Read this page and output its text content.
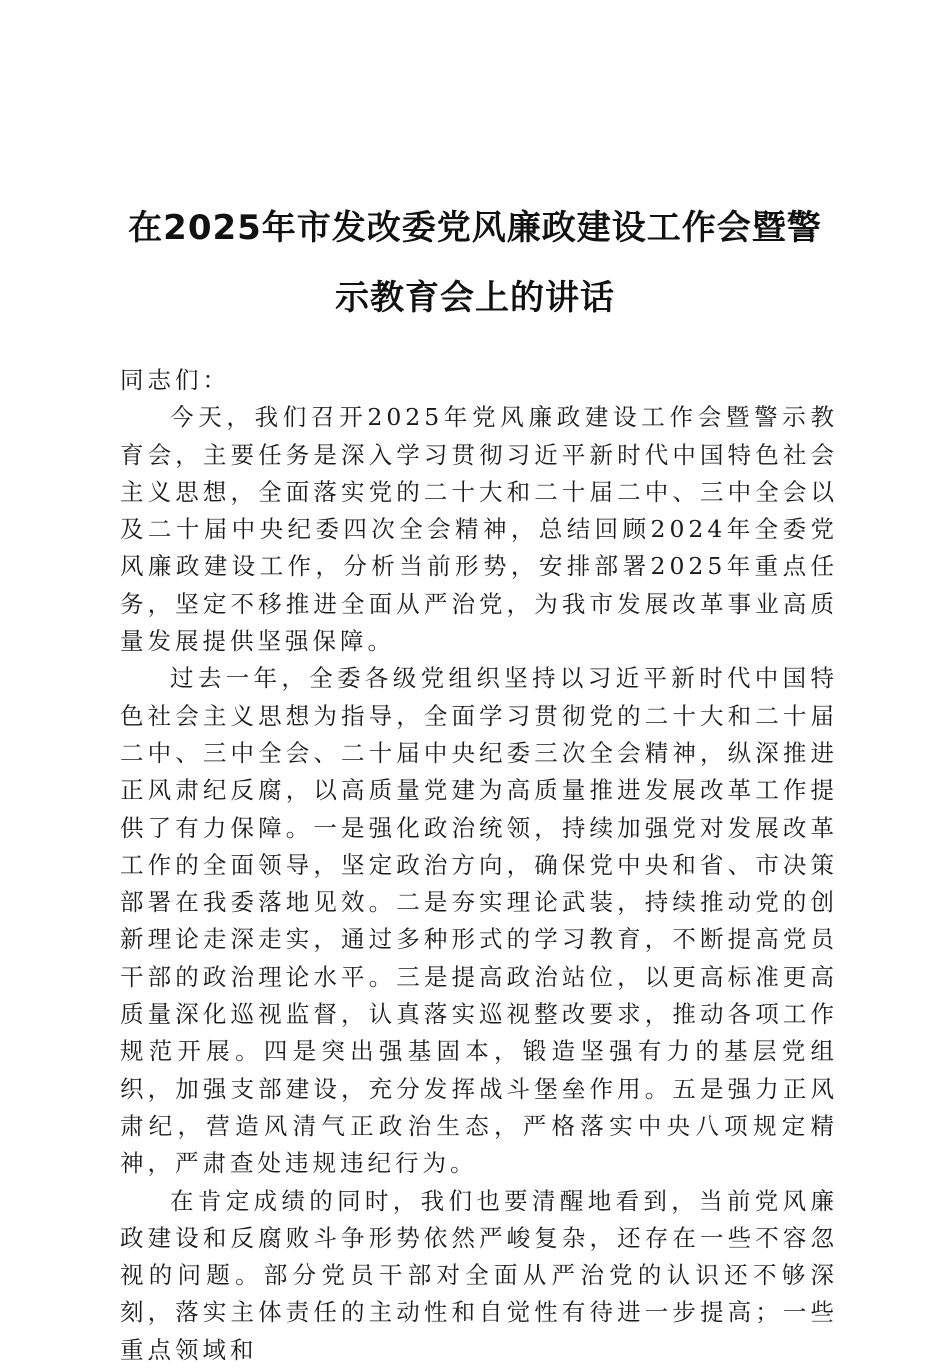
在2025年市发改委党风廉政建设工作会暨警
示教育会上的讲话

同志们：

今天，我们召开2025年党风廉政建设工作会暨警示教育会，主要任务是深入学习贯彻习近平新时代中国特色社会主义思想，全面落实党的二十大和二十届二中、三中全会以及二十届中央纪委四次全会精神，总结回顾2024年全委党风廉政建设工作，分析当前形势，安排部署2025年重点任务，坚定不移推进全面从严治党，为我市发展改革事业高质量发展提供坚强保障。

过去一年，全委各级党组织坚持以习近平新时代中国特色社会主义思想为指导，全面学习贯彻党的二十大和二十届二中、三中全会、二十届中央纪委三次全会精神，纵深推进正风肃纪反腐，以高质量党建为高质量推进发展改革工作提供了有力保障。一是强化政治统领，持续加强党对发展改革工作的全面领导，坚定政治方向，确保党中央和省、市决策部署在我委落地见效。二是夯实理论武装，持续推动党的创新理论走深走实，通过多种形式的学习教育，不断提高党员干部的政治理论水平。三是提高政治站位，以更高标准更高质量深化巡视监督，认真落实巡视整改要求，推动各项工作规范开展。四是突出强基固本，锻造坚强有力的基层党组织，加强支部建设，充分发挥战斗堡垒作用。五是强力正风肃纪，营造风清气正政治生态，严格落实中央八项规定精神，严肃查处违规违纪行为。

在肯定成绩的同时，我们也要清醒地看到，当前党风廉政建设和反腐败斗争形势依然严峻复杂，还存在一些不容忽视的问题。部分党员干部对全面从严治党的认识还不够深刻，落实主体责任的主动性和自觉性有待进一步提高；一些重点领域和
